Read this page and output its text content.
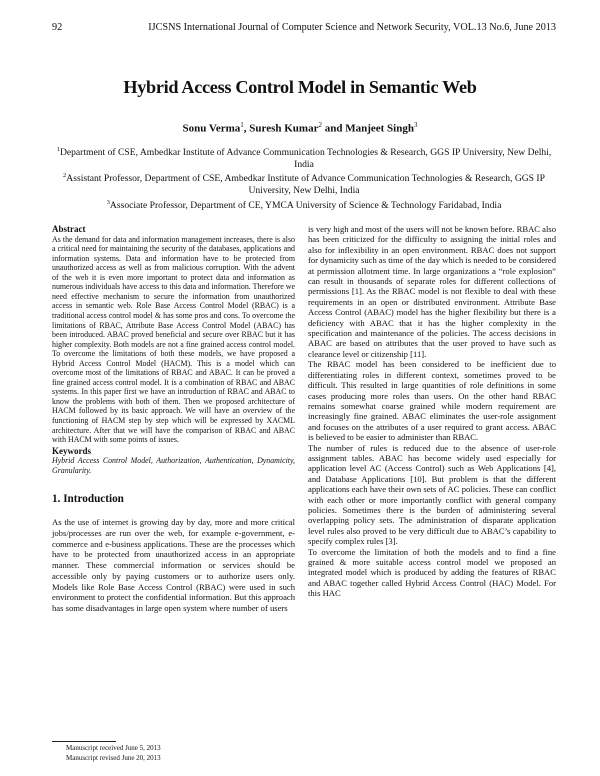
92	IJCSNS International Journal of Computer Science and Network Security, VOL.13 No.6, June 2013
Hybrid Access Control Model in Semantic Web
Sonu Verma$^1$, Suresh Kumar$^2$ and Manjeet Singh$^3$

$^1$Department of CSE, Ambedkar Institute of Advance Communication Technologies & Research, GGS IP University, New Delhi, India

$^2$Assistant Professor, Department of CSE, Ambedkar Institute of Advance Communication Technologies & Research, GGS IP University, New Delhi, India

$^3$Associate Professor, Department of CE, YMCA University of Science & Technology Faridabad, India

Abstract

As the demand for data and information management increases, there is also a critical need for maintaining the security of the databases, applications and information systems. Data and information have to be protected from unauthorized access as well as from malicious corruption. With the advent of the web it is even more important to protect data and information as numerous individuals have access to this data and information. Therefore we need effective mechanism to secure the information from unauthorized access in semantic web. Role Base Access Control Model (RBAC) is a traditional access control model & has some pros and cons. To overcome the limitations of RBAC, Attribute Base Access Control Model (ABAC) has been introduced. ABAC proved beneficial and secure over RBAC but it has higher complexity. Both models are not a fine grained access control model. To overcome the limitations of both these models, we have proposed a Hybrid Access Control Model (HACM). This is a model which can overcome most of the limitations of RBAC and ABAC. It can be proved a fine grained access control model. It is a combination of RBAC and ABAC systems. In this paper first we have an introduction of RBAC and ABAC to know the problems with both of them. Then we proposed architecture of HACM followed by its basic approach. We will have an overview of the functioning of HACM step by step which will be expressed by XACML architecture. After that we will have the comparison of RBAC and ABAC with HACM with some points of issues.

Keywords

Hybrid Access Control Model, Authorization, Authentication, Dynamicity, Granularity.

1. Introduction

As the use of internet is growing day by day, more and more critical jobs/processes are run over the web, for example e-government, e-commerce and e-business applications. These are the processes which have to be protected from unauthorized access in an appropriate manner. These commercial information or services should be accessible only by paying customers or to authorize users only. Models like Role Base Access Control (RBAC) were used in such environment to protect the confidential information. But this approach has some disadvantages in large open system where number of users

is very high and most of the users will not be known before. RBAC also has been criticized for the difficulty to assigning the initial roles and also for inflexibility in an open environment. RBAC does not support for dynamicity such as time of the day which is needed to be considered at permission allotment time. In large organizations a “role explosion” can result in thousands of separate roles for different collections of permissions [1]. As the RBAC model is not flexible to deal with these requirements in an open or distributed environment. Attribute Base Access Control (ABAC) model has the higher flexibility but there is a deficiency with ABAC that it has the higher complexity in the specification and maintenance of the policies. The access decisions in ABAC are based on attributes that the user proved to have such as clearance level or citizenship [11].

The RBAC model has been considered to be inefficient due to differentiating roles in different context, sometimes proved to be difficult. This resulted in large quantities of role definitions in some cases producing more roles than users. On the other hand RBAC remains somewhat coarse grained while modern requirement are increasingly fine grained. ABAC eliminates the user-role assignment and focuses on the attributes of a user required to grant access. ABAC is believed to be easier to administer than RBAC.

The number of rules is reduced due to the absence of user-role assignment tables. ABAC has become widely used especially for application level AC (Access Control) such as Web Applications [4], and Database Applications [10]. But problem is that the different applications each have their own sets of AC policies. These can conflict with each other or more importantly conflict with general company policies. Sometimes there is the burden of administering several overlapping policy sets. The administration of disparate application level rules also proved to be very difficult due to ABAC’s capability to specify complex rules [3].

To overcome the limitation of both the models and to find a fine grained & more suitable access control model we proposed an integrated model which is produced by adding the features of RBAC and ABAC together called Hybrid Access Control (HAC) Model. For this HAC

Manuscript received June 5, 2013
Manuscript revised June 20, 2013
